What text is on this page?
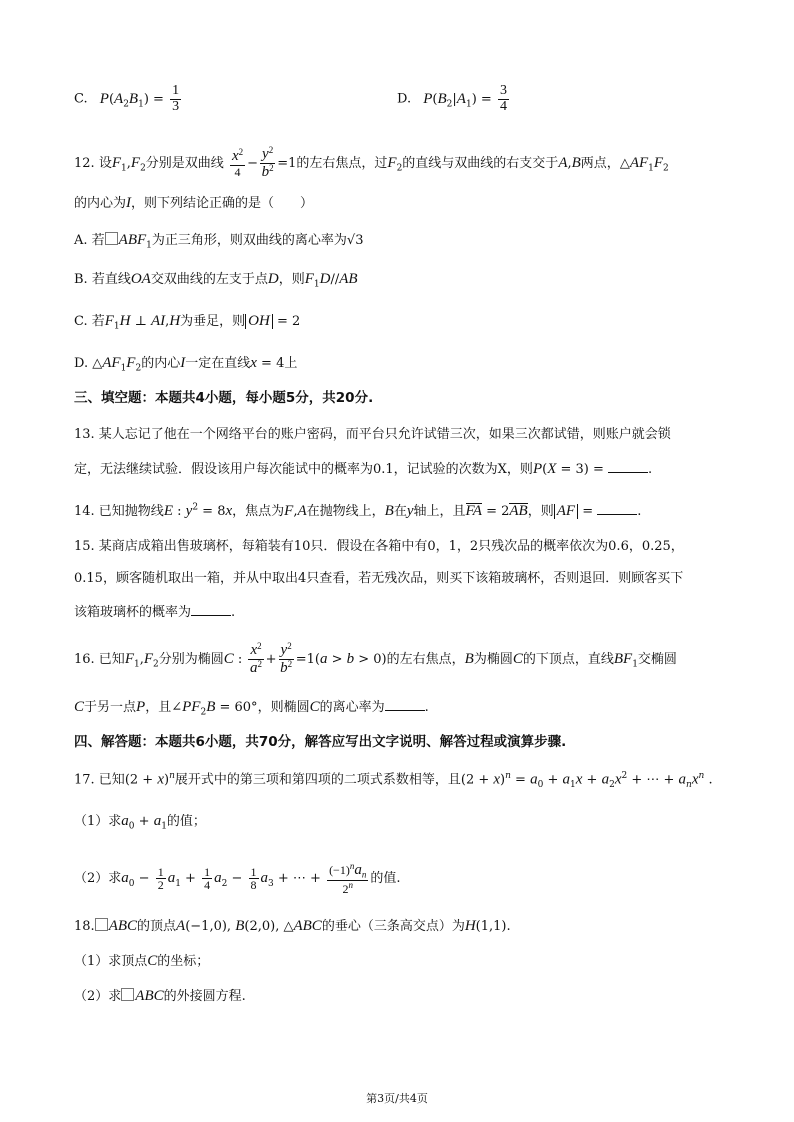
C. $P(A_2B_1) = \frac{1}{3}$	D. $P(B_2|A_1) = \frac{3}{4}$
12. 设$F_1,F_2$分别是双曲线 $\frac{x^2}{4} - \frac{y^2}{b^2} =1$的左右焦点，过$F_2$的直线与双曲线的右支交于A,B两点，$\triangle AF_1F_2$
的内心为I，则下列结论正确的是（　　）
A. 若 $ABF_1$为正三角形，则双曲线的离心率为√3
B. 若直线OA交双曲线的左支于点D，则$F_1D//AB$
C. 若$F_1H$ ⊥ AI,H为垂足，则 OH = 2
D. $\triangle AF_1F_2$的内心I一定在直线x = 4上
三、填空题：本题共4小题，每小题5分，共20分.
13. 某人忘记了他在一个网络平台的账户密码，而平台只允许试错三次，如果三次都试错，则账户就会锁
定，无法继续试验．假设该用户每次能试中的概率为0.1，记试验的次数为X，则P(X = 3) =	.
14. 已知抛物线E : $y^2 = 8x$，焦点为F,A在抛物线上，B在y轴上，且FA = 2AB，则 AF =	.
15. 某商店成箱出售玻璃杯，每箱装有10只．假设在各箱中有0，1，2只残次品的概率依次为0.6，0.25，
0.15，顾客随机取出一箱，并从中取出4只查看，若无残次品，则买下该箱玻璃杯，否则退回．则顾客买下
该箱玻璃杯的概率为	.
16. 已知$F_1,F_2$分别为椭圆C : $\frac{x^2}{a^2} + \frac{y^2}{b^2} =1(a > b > 0)$的左右焦点，B为椭圆C的下顶点，直线$BF_1$交椭圆
C于另一点P，且$\angle PF_2B = 60^\circ$，则椭圆C的离心率为	.
四、解答题：本题共6小题，共70分，解答应写出文字说明、解答过程或演算步骤.
17. 已知$(2 + x)^n$展开式中的第三项和第四项的二项式系数相等，且$(2 + x)^n = a_0 + a_1x + a_2x^2$ + ⋯ + $a_nx^n$ .
（1）求$a_0 + a_1$的值；
（2）求$a_0 - \frac{1}{2} a_1 + \frac{1}{4} a_2 - \frac{1}{8} a_3$ + ⋯ + $\frac{(-1)^na_n}{2^n}$ 的值.
18. ABC的顶点A(−1,0), B(2,0), △ABC的垂心（三条高交点）为H(1,1).
（1）求顶点C的坐标；
（2）求 ABC的外接圆方程.
第3页/共4页
